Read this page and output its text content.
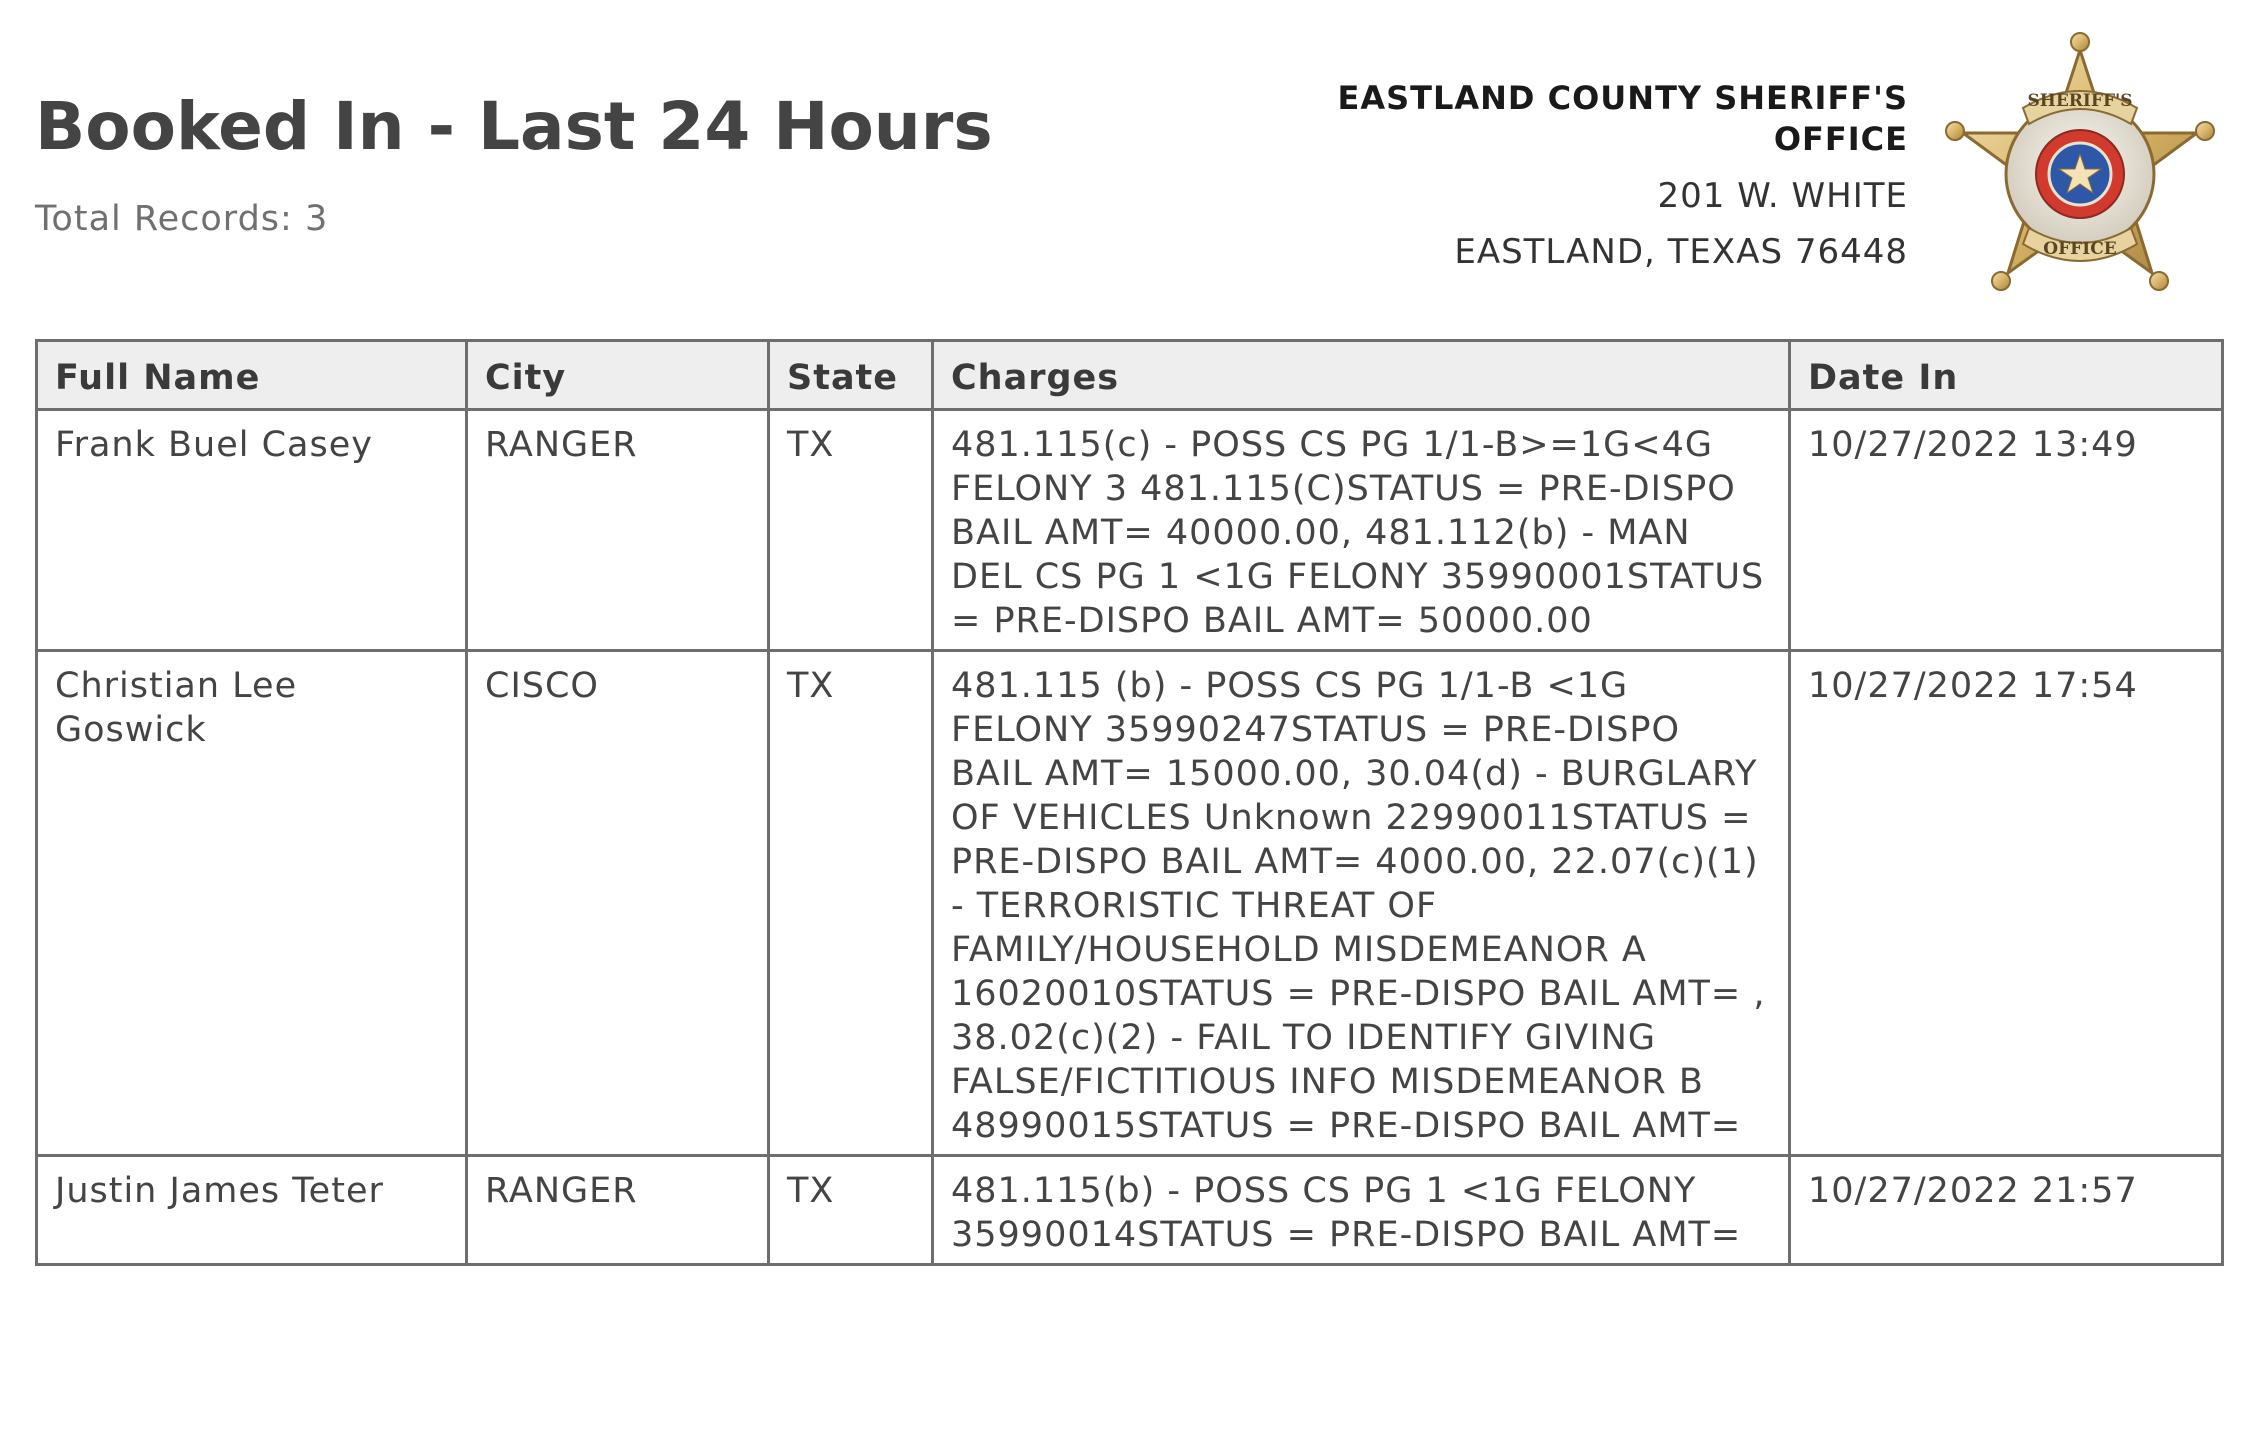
Booked In - Last 24 Hours
Total Records: 3
EASTLAND COUNTY SHERIFF'S OFFICE
201 W. WHITE
EASTLAND, TEXAS 76448
SHERIFF'S
OFFICE
Full Name	City	State	Charges	Date In
Frank Buel Casey	RANGER	TX	481.115(c) - POSS CS PG 1/1-B>=1G<4G FELONY 3 481.115(C)STATUS = PRE-DISPO BAIL AMT= 40000.00, 481.112(b) - MAN DEL CS PG 1 <1G FELONY 35990001STATUS = PRE-DISPO BAIL AMT= 50000.00	10/27/2022 13:49
Christian Lee Goswick	CISCO	TX	481.115 (b) - POSS CS PG 1/1-B <1G FELONY 35990247STATUS = PRE-DISPO BAIL AMT= 15000.00, 30.04(d) - BURGLARY OF VEHICLES Unknown 22990011STATUS = PRE-DISPO BAIL AMT= 4000.00, 22.07(c)(1) - TERRORISTIC THREAT OF FAMILY/HOUSEHOLD MISDEMEANOR A 16020010STATUS = PRE-DISPO BAIL AMT= , 38.02(c)(2) - FAIL TO IDENTIFY GIVING FALSE/FICTITIOUS INFO MISDEMEANOR B 48990015STATUS = PRE-DISPO BAIL AMT=	10/27/2022 17:54
Justin James Teter	RANGER	TX	481.115(b) - POSS CS PG 1 <1G FELONY 35990014STATUS = PRE-DISPO BAIL AMT=	10/27/2022 21:57
